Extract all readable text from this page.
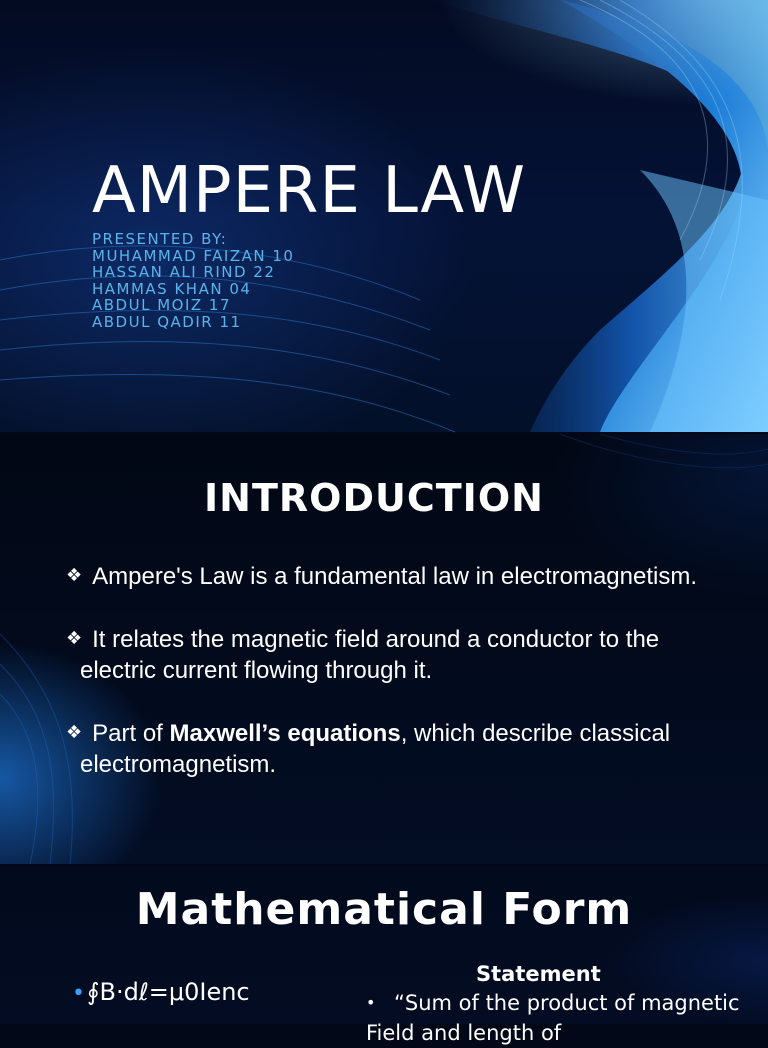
AMPERE LAW
PRESENTED BY:
MUHAMMAD FAIZAN 10
HASSAN ALI RIND 22
HAMMAS KHAN 04
ABDUL MOIZ 17
ABDUL QADIR 11
INTRODUCTION
❖ Ampere's Law is a fundamental law in electromagnetism.
❖ It relates the magnetic field around a conductor to the electric current flowing through it.
❖ Part of Maxwell’s equations, which describe classical electromagnetism.
Mathematical Form
•∮B·dℓ=μ0Ienc
Statement
• “Sum of the product of magnetic Field and length of
